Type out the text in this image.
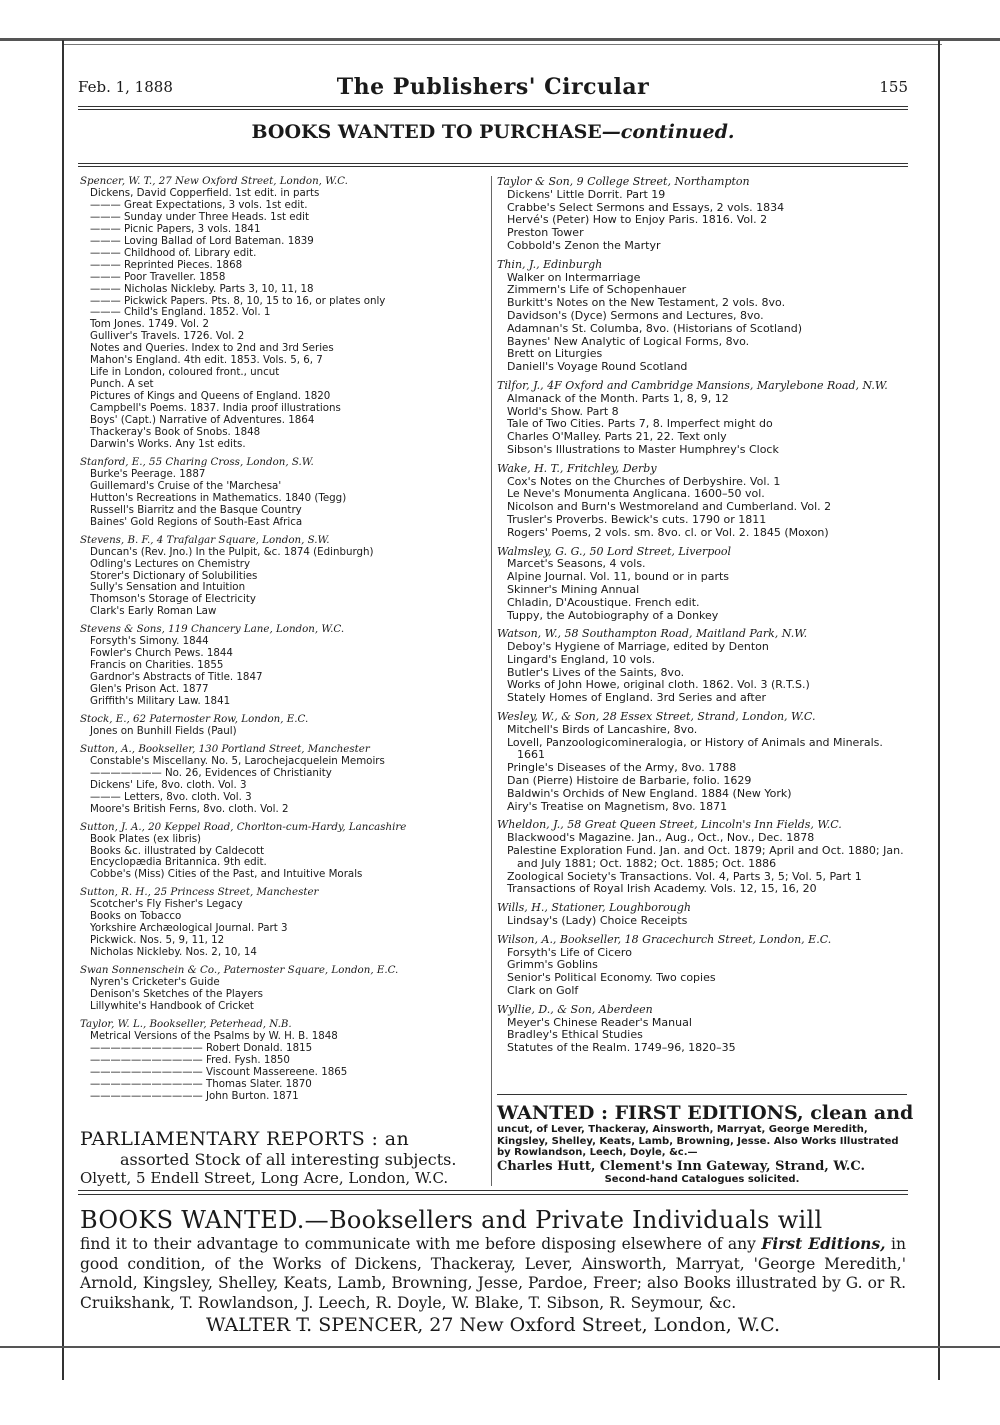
Feb. 1, 1888	The Publishers' Circular	155
BOOKS WANTED TO PURCHASE—continued.
Spencer, W. T., 27 New Oxford Street, London, W.C.
Dickens, David Copperfield. 1st edit. in parts
——— Great Expectations, 3 vols. 1st edit.
——— Sunday under Three Heads. 1st edit
——— Picnic Papers, 3 vols. 1841
——— Loving Ballad of Lord Bateman. 1839
——— Childhood of. Library edit.
——— Reprinted Pieces. 1868
——— Poor Traveller. 1858
——— Nicholas Nickleby. Parts 3, 10, 11, 18
——— Pickwick Papers. Pts. 8, 10, 15 to 16, or plates only
——— Child's England. 1852. Vol. 1
Tom Jones. 1749. Vol. 2
Gulliver's Travels. 1726. Vol. 2
Notes and Queries. Index to 2nd and 3rd Series
Mahon's England. 4th edit. 1853. Vols. 5, 6, 7
Life in London, coloured front., uncut
Punch. A set
Pictures of Kings and Queens of England. 1820
Campbell's Poems. 1837. India proof illustrations
Boys' (Capt.) Narrative of Adventures. 1864
Thackeray's Book of Snobs. 1848
Darwin's Works. Any 1st edits.
Stanford, E., 55 Charing Cross, London, S.W.
Burke's Peerage. 1887
Guillemard's Cruise of the 'Marchesa'
Hutton's Recreations in Mathematics. 1840 (Tegg)
Russell's Biarritz and the Basque Country
Baines' Gold Regions of South-East Africa
Stevens, B. F., 4 Trafalgar Square, London, S.W.
Duncan's (Rev. Jno.) In the Pulpit, &c. 1874 (Edinburgh)
Odling's Lectures on Chemistry
Storer's Dictionary of Solubilities
Sully's Sensation and Intuition
Thomson's Storage of Electricity
Clark's Early Roman Law
Stevens & Sons, 119 Chancery Lane, London, W.C.
Forsyth's Simony. 1844
Fowler's Church Pews. 1844
Francis on Charities. 1855
Gardnor's Abstracts of Title. 1847
Glen's Prison Act. 1877
Griffith's Military Law. 1841
Stock, E., 62 Paternoster Row, London, E.C.
Jones on Bunhill Fields (Paul)
Sutton, A., Bookseller, 130 Portland Street, Manchester
Constable's Miscellany. No. 5, Larochejacquelein Memoirs
——————— No. 26, Evidences of Christianity
Dickens' Life, 8vo. cloth. Vol. 3
——— Letters, 8vo. cloth. Vol. 3
Moore's British Ferns, 8vo. cloth. Vol. 2
Sutton, J. A., 20 Keppel Road, Chorlton-cum-Hardy, Lancashire
Book Plates (ex libris)
Books &c. illustrated by Caldecott
Encyclopædia Britannica. 9th edit.
Cobbe's (Miss) Cities of the Past, and Intuitive Morals
Sutton, R. H., 25 Princess Street, Manchester
Scotcher's Fly Fisher's Legacy
Books on Tobacco
Yorkshire Archæological Journal. Part 3
Pickwick. Nos. 5, 9, 11, 12
Nicholas Nickleby. Nos. 2, 10, 14
Swan Sonnenschein & Co., Paternoster Square, London, E.C.
Nyren's Cricketer's Guide
Denison's Sketches of the Players
Lillywhite's Handbook of Cricket
Taylor, W. L., Bookseller, Peterhead, N.B.
Metrical Versions of the Psalms by W. H. B. 1848
——————————— Robert Donald. 1815
——————————— Fred. Fysh. 1850
——————————— Viscount Massereene. 1865
——————————— Thomas Slater. 1870
——————————— John Burton. 1871
Taylor & Son, 9 College Street, Northampton
Dickens' Little Dorrit. Part 19
Crabbe's Select Sermons and Essays, 2 vols. 1834
Hervé's (Peter) How to Enjoy Paris. 1816. Vol. 2
Preston Tower
Cobbold's Zenon the Martyr
Thin, J., Edinburgh
Walker on Intermarriage
Zimmern's Life of Schopenhauer
Burkitt's Notes on the New Testament, 2 vols. 8vo.
Davidson's (Dyce) Sermons and Lectures, 8vo.
Adamnan's St. Columba, 8vo. (Historians of Scotland)
Baynes' New Analytic of Logical Forms, 8vo.
Brett on Liturgies
Daniell's Voyage Round Scotland
Tilfor, J., 4F Oxford and Cambridge Mansions, Marylebone Road, N.W.
Almanack of the Month. Parts 1, 8, 9, 12
World's Show. Part 8
Tale of Two Cities. Parts 7, 8. Imperfect might do
Charles O'Malley. Parts 21, 22. Text only
Sibson's Illustrations to Master Humphrey's Clock
Wake, H. T., Fritchley, Derby
Cox's Notes on the Churches of Derbyshire. Vol. 1
Le Neve's Monumenta Anglicana. 1600–50 vol.
Nicolson and Burn's Westmoreland and Cumberland. Vol. 2
Trusler's Proverbs. Bewick's cuts. 1790 or 1811
Rogers' Poems, 2 vols. sm. 8vo. cl. or Vol. 2. 1845 (Moxon)
Walmsley, G. G., 50 Lord Street, Liverpool
Marcet's Seasons, 4 vols.
Alpine Journal. Vol. 11, bound or in parts
Skinner's Mining Annual
Chladin, D'Acoustique. French edit.
Tuppy, the Autobiography of a Donkey
Watson, W., 58 Southampton Road, Maitland Park, N.W.
Deboy's Hygiene of Marriage, edited by Denton
Lingard's England, 10 vols.
Butler's Lives of the Saints, 8vo.
Works of John Howe, original cloth. 1862. Vol. 3 (R.T.S.)
Stately Homes of England. 3rd Series and after
Wesley, W., & Son, 28 Essex Street, Strand, London, W.C.
Mitchell's Birds of Lancashire, 8vo.
Lovell, Panzoologicomineralogia, or History of Animals and Minerals. 1661
Pringle's Diseases of the Army, 8vo. 1788
Dan (Pierre) Histoire de Barbarie, folio. 1629
Baldwin's Orchids of New England. 1884 (New York)
Airy's Treatise on Magnetism, 8vo. 1871
Wheldon, J., 58 Great Queen Street, Lincoln's Inn Fields, W.C.
Blackwood's Magazine. Jan., Aug., Oct., Nov., Dec. 1878
Palestine Exploration Fund. Jan. and Oct. 1879; April and Oct. 1880; Jan. and July 1881; Oct. 1882; Oct. 1885; Oct. 1886
Zoological Society's Transactions. Vol. 4, Parts 3, 5; Vol. 5, Part 1
Transactions of Royal Irish Academy. Vols. 12, 15, 16, 20
Wills, H., Stationer, Loughborough
Lindsay's (Lady) Choice Receipts
Wilson, A., Bookseller, 18 Gracechurch Street, London, E.C.
Forsyth's Life of Cicero
Grimm's Goblins
Senior's Political Economy. Two copies
Clark on Golf
Wyllie, D., & Son, Aberdeen
Meyer's Chinese Reader's Manual
Bradley's Ethical Studies
Statutes of the Realm. 1749–96, 1820–35
PARLIAMENTARY REPORTS : an
assorted Stock of all interesting subjects.
Olyett, 5 Endell Street, Long Acre, London, W.C.
WANTED : FIRST EDITIONS, clean and
uncut, of Lever, Thackeray, Ainsworth, Marryat, George Meredith, Kingsley, Shelley, Keats, Lamb, Browning, Jesse. Also Works Illustrated by Rowlandson, Leech, Doyle, &c.—
Charles Hutt, Clement's Inn Gateway, Strand, W.C.
Second-hand Catalogues solicited.
BOOKS WANTED.—Booksellers and Private Individuals will
find it to their advantage to communicate with me before disposing elsewhere of any First Editions, in good condition, of the Works of Dickens, Thackeray, Lever, Ainsworth, Marryat, 'George Meredith,' Arnold, Kingsley, Shelley, Keats, Lamb, Browning, Jesse, Pardoe, Freer; also Books illustrated by G. or R. Cruikshank, T. Rowlandson, J. Leech, R. Doyle, W. Blake, T. Sibson, R. Seymour, &c.
WALTER T. SPENCER, 27 New Oxford Street, London, W.C.
